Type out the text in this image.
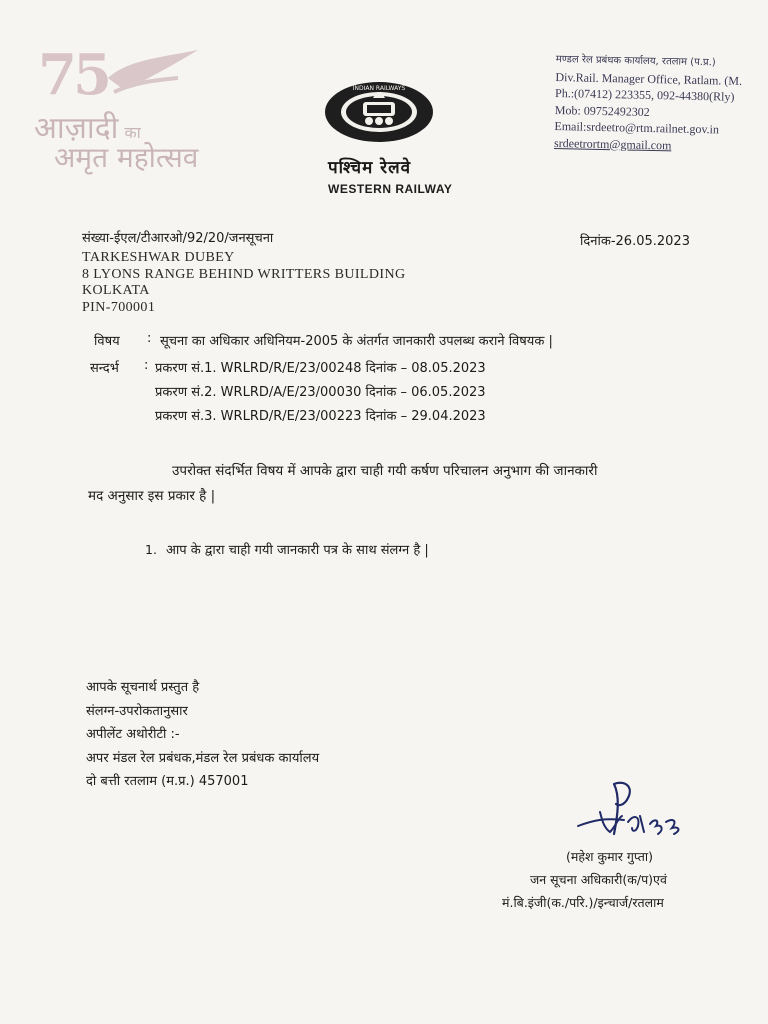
75
आज़ादी का
अमृत महोत्सव
INDIAN RAILWAYS
पश्चिम रेलवे
WESTERN RAILWAY
मण्डल रेल प्रबंधक कार्यालय, रतलाम (प.प्र.)
Div.Rail. Manager Office, Ratlam. (M.
Ph.:(07412) 223355, 092-44380(Rly)
Mob: 09752492302
Email:srdeetro@rtm.railnet.gov.in
srdeetrortm@gmail.com
संख्या-ईएल/टीआरओ/92/20/जनसूचना	दिनांक-26.05.2023
TARKESHWAR DUBEY
8 LYONS RANGE BEHIND WRITTERS BUILDING
KOLKATA
PIN-700001
विषय : सूचना का अधिकार अधिनियम-2005 के अंतर्गत जानकारी उपलब्ध कराने विषयक |
सन्दर्भ : प्रकरण सं.1. WRLRD/R/E/23/00248 दिनांक – 08.05.2023
प्रकरण सं.2. WRLRD/A/E/23/00030 दिनांक – 06.05.2023
प्रकरण सं.3. WRLRD/R/E/23/00223 दिनांक – 29.04.2023
उपरोक्त संदर्भित विषय में आपके द्वारा चाही गयी कर्षण परिचालन अनुभाग की जानकारी
मद अनुसार इस प्रकार है |
1. आप के द्वारा चाही गयी जानकारी पत्र के साथ संलग्न है |
आपके सूचनार्थ प्रस्तुत है
संलग्न-उपरोकतानुसार
अपीलेंट अथोरीटी :-
अपर मंडल रेल प्रबंधक,मंडल रेल प्रबंधक कार्यालय
दो बत्ती रतलाम (म.प्र.) 457001
(महेश कुमार गुप्ता)
जन सूचना अधिकारी(क/प)एवं
मं.बि.इंजी(क./परि.)/इन्चार्ज/रतलाम
